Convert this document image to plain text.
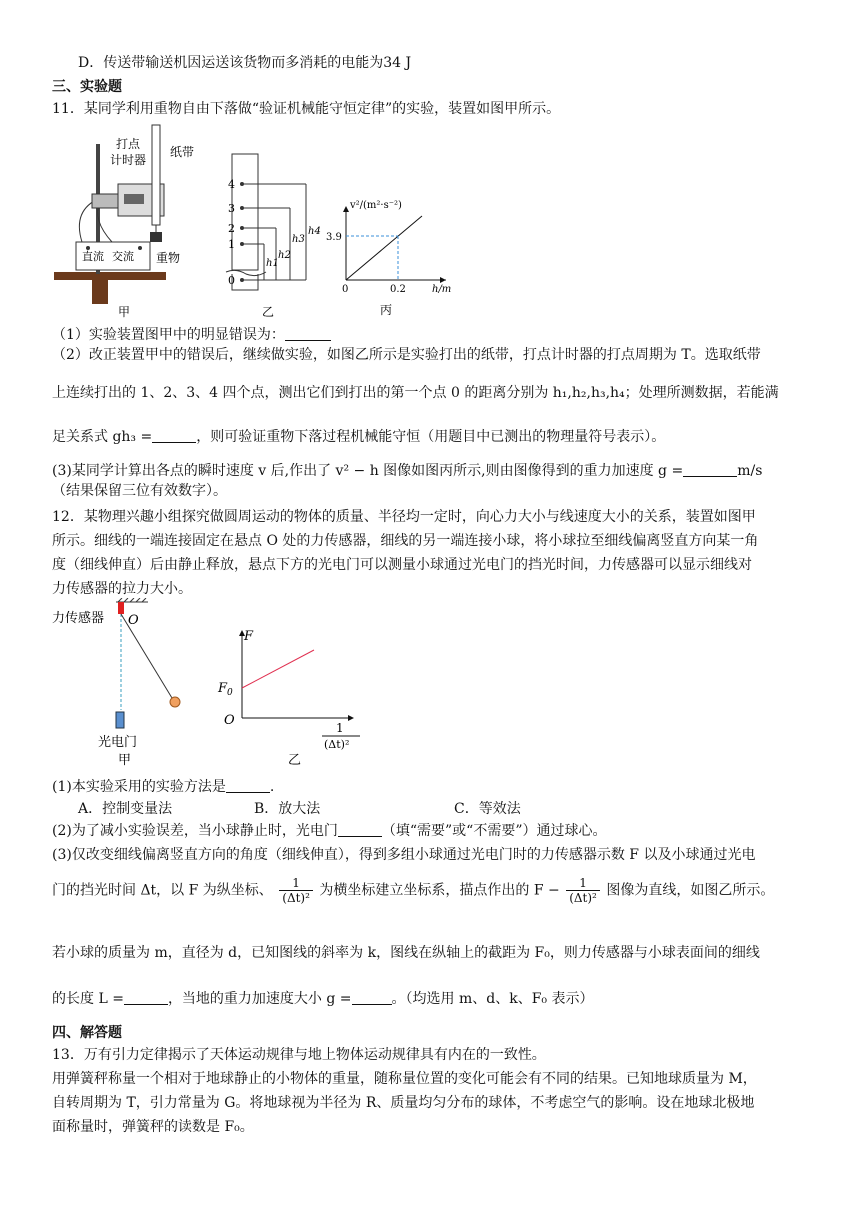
D．传送带输送机因运送该货物而多消耗的电能为34 J
三、实验题
11．某同学利用重物自由下落做“验证机械能守恒定律”的实验，装置如图甲所示。
直流 交流
打点
计时器
纸带
重物
甲
4
3
2
1
0
h1
h2
h3
h4
乙
v²/(m²·s⁻²)
3.9
0	0.2	h/m
丙
（1）实验装置图甲中的明显错误为：
（2）改正装置甲中的错误后，继续做实验，如图乙所示是实验打出的纸带，打点计时器的打点周期为 T。选取纸带
上连续打出的 1、2、3、4 四个点，测出它们到打出的第一个点 0 的距离分别为 h₁,h₂,h₃,h₄；处理所测数据，若能满
足关系式 gh₃ =	，则可验证重物下落过程机械能守恒（用题目中已测出的物理量符号表示）。
(3)某同学计算出各点的瞬时速度 v 后,作出了 v² − h 图像如图丙所示,则由图像得到的重力加速度 g =	m/s
（结果保留三位有效数字）。
12．某物理兴趣小组探究做圆周运动的物体的质量、半径均一定时，向心力大小与线速度大小的关系，装置如图甲
所示。细线的一端连接固定在悬点 O 处的力传感器，细线的另一端连接小球，将小球拉至细线偏离竖直方向某一角
度（细线伸直）后由静止释放，悬点下方的光电门可以测量小球通过光电门的挡光时间，力传感器可以显示细线对
力传感器的拉力大小。
力传感器 O
光电门
甲
F
$F_0$
O	1
(Δt)²
乙
(1)本实验采用的实验方法是	.
A．控制变量法	B．放大法	C．等效法
(2)为了减小实验误差，当小球静止时，光电门	（填“需要”或“不需要”）通过球心。
(3)仅改变细线偏离竖直方向的角度（细线伸直），得到多组小球通过光电门时的力传感器示数 F 以及小球通过光电
门的挡光时间 Δt，以 F 为纵坐标、 $\frac{1}{\text{(Δt)²}}$ 为横坐标建立坐标系，描点作出的 $F - \frac{1}{\text{(Δt)²}}$ 图像为直线，如图乙所示。
若小球的质量为 m，直径为 d，已知图线的斜率为 k，图线在纵轴上的截距为 F₀，则力传感器与小球表面间的细线
的长度 L =	，当地的重力加速度大小 g =	。（均选用 m、d、k、F₀ 表示）
四、解答题
13．万有引力定律揭示了天体运动规律与地上物体运动规律具有内在的一致性。
用弹簧秤称量一个相对于地球静止的小物体的重量，随称量位置的变化可能会有不同的结果。已知地球质量为 M，
自转周期为 T，引力常量为 G。将地球视为半径为 R、质量均匀分布的球体，不考虑空气的影响。设在地球北极地
面称量时，弹簧秤的读数是 F₀。
